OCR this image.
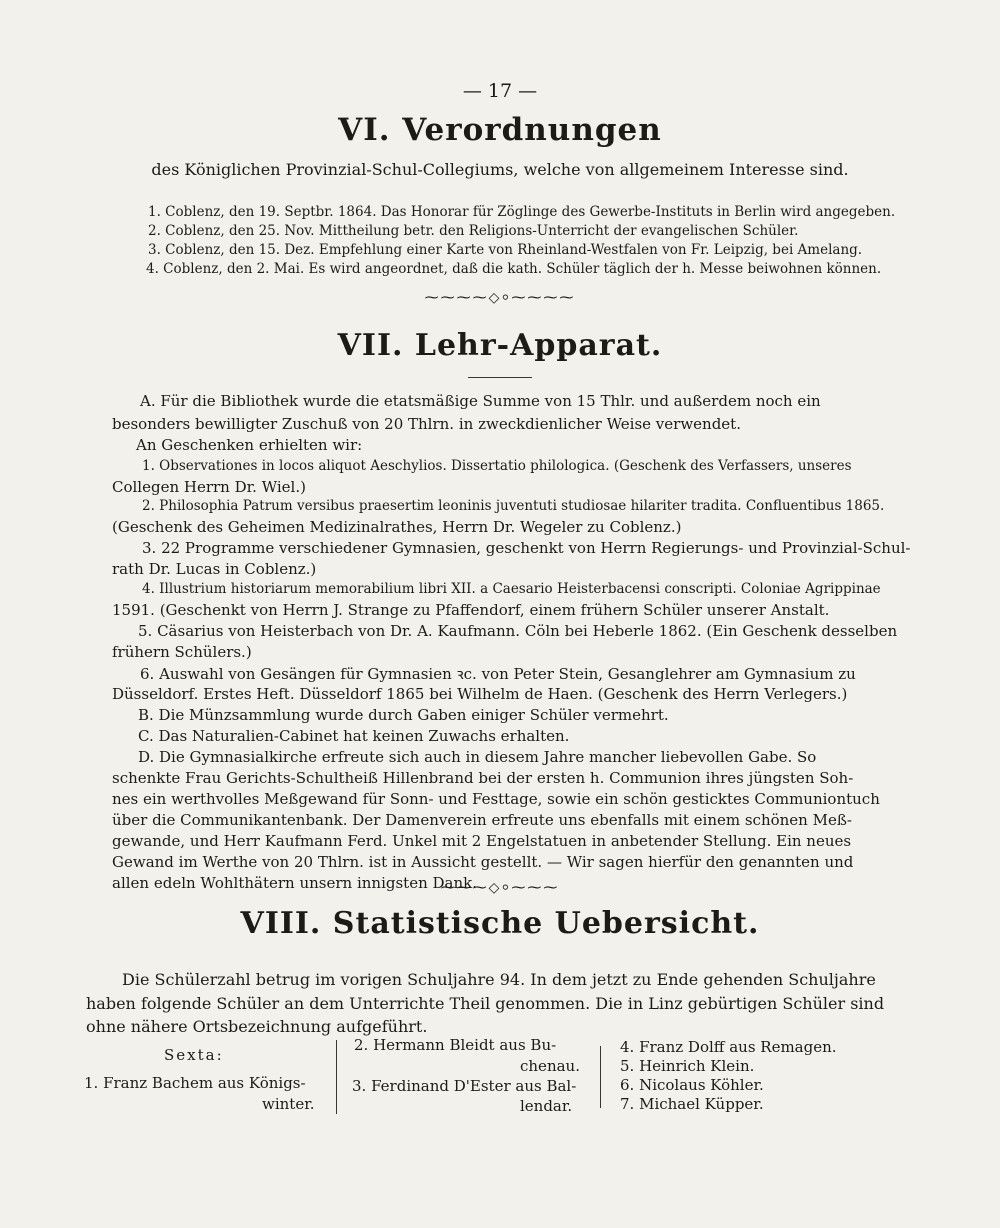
— 17 —
VI. Verordnungen
des Königlichen Provinzial-Schul-Collegiums, welche von allgemeinem Interesse sind.
1. Coblenz, den 19. Septbr. 1864. Das Honorar für Zöglinge des Gewerbe-Instituts in Berlin wird angegeben.
2. Coblenz, den 25. Nov. Mittheilung betr. den Religions-Unterricht der evangelischen Schüler.
3. Coblenz, den 15. Dez. Empfehlung einer Karte von Rheinland-Westfalen von Fr. Leipzig, bei Amelang.
4. Coblenz, den 2. Mai. Es wird angeordnet, daß die kath. Schüler täglich der h. Messe beiwohnen können.
⁓⁓⁓⁓◇⸰⁓⁓⁓⁓
VII. Lehr-Apparat.
A. Für die Bibliothek wurde die etatsmäßige Summe von 15 Thlr. und außerdem noch ein
besonders bewilligter Zuschuß von 20 Thlrn. in zweckdienlicher Weise verwendet.
An Geschenken erhielten wir:
1. Observationes in locos aliquot Aeschylios. Dissertatio philologica. (Geschenk des Verfassers, unseres
Collegen Herrn Dr. Wiel.)
2. Philosophia Patrum versibus praesertim leoninis juventuti studiosae hilariter tradita. Confluentibus 1865.
(Geschenk des Geheimen Medizinalrathes, Herrn Dr. Wegeler zu Coblenz.)
3. 22 Programme verschiedener Gymnasien, geschenkt von Herrn Regierungs- und Provinzial-Schul-
rath Dr. Lucas in Coblenz.)
4. Illustrium historiarum memorabilium libri XII. a Caesario Heisterbacensi conscripti. Coloniae Agrippinae
1591. (Geschenkt von Herrn J. Strange zu Pfaffendorf, einem frühern Schüler unserer Anstalt.
5. Cäsarius von Heisterbach von Dr. A. Kaufmann. Cöln bei Heberle 1862. (Ein Geschenk desselben
frühern Schülers.)
6. Auswahl von Gesängen für Gymnasien ꝛc. von Peter Stein, Gesanglehrer am Gymnasium zu
Düsseldorf. Erstes Heft. Düsseldorf 1865 bei Wilhelm de Haen. (Geschenk des Herrn Verlegers.)
B. Die Münzsammlung wurde durch Gaben einiger Schüler vermehrt.
C. Das Naturalien-Cabinet hat keinen Zuwachs erhalten.
D. Die Gymnasialkirche erfreute sich auch in diesem Jahre mancher liebevollen Gabe. So
schenkte Frau Gerichts-Schultheiß Hillenbrand bei der ersten h. Communion ihres jüngsten Soh-
nes ein werthvolles Meßgewand für Sonn- und Festtage, sowie ein schön gesticktes Communiontuch
über die Communikantenbank. Der Damenverein erfreute uns ebenfalls mit einem schönen Meß-
gewande, und Herr Kaufmann Ferd. Unkel mit 2 Engelstatuen in anbetender Stellung. Ein neues
Gewand im Werthe von 20 Thlrn. ist in Aussicht gestellt. — Wir sagen hierfür den genannten und
allen edeln Wohlthätern unsern innigsten Dank.
⁓⁓⁓◇⸰⁓⁓⁓
VIII. Statistische Uebersicht.
Die Schülerzahl betrug im vorigen Schuljahre 94. In dem jetzt zu Ende gehenden Schuljahre
haben folgende Schüler an dem Unterrichte Theil genommen. Die in Linz gebürtigen Schüler sind
ohne nähere Ortsbezeichnung aufgeführt.
Sexta:
1. Franz Bachem aus Königs-
winter.
2. Hermann Bleidt aus Bu-
chenau.
3. Ferdinand D'Ester aus Bal-
lendar.
4. Franz Dolff aus Remagen.
5. Heinrich Klein.
6. Nicolaus Köhler.
7. Michael Küpper.
